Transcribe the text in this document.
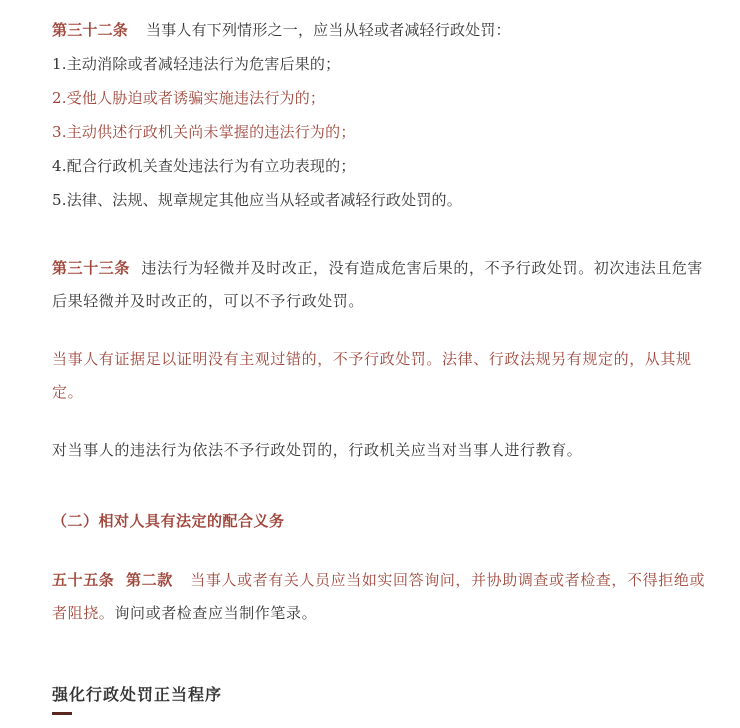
第三十二条 当事人有下列情形之一，应当从轻或者减轻行政处罚：
1.主动消除或者减轻违法行为危害后果的；
2.受他人胁迫或者诱骗实施违法行为的；
3.主动供述行政机关尚未掌握的违法行为的；
4.配合行政机关查处违法行为有立功表现的；
5.法律、法规、规章规定其他应当从轻或者减轻行政处罚的。
第三十三条 违法行为轻微并及时改正，没有造成危害后果的，不予行政处罚。初次违法且危害后果轻微并及时改正的，可以不予行政处罚。
当事人有证据足以证明没有主观过错的，不予行政处罚。法律、行政法规另有规定的，从其规定。
对当事人的违法行为依法不予行政处罚的，行政机关应当对当事人进行教育。
（二）相对人具有法定的配合义务
五十五条  第二款 当事人或者有关人员应当如实回答询问，并协助调查或者检查，不得拒绝或者阻挠。询问或者检查应当制作笔录。
强化行政处罚正当程序
